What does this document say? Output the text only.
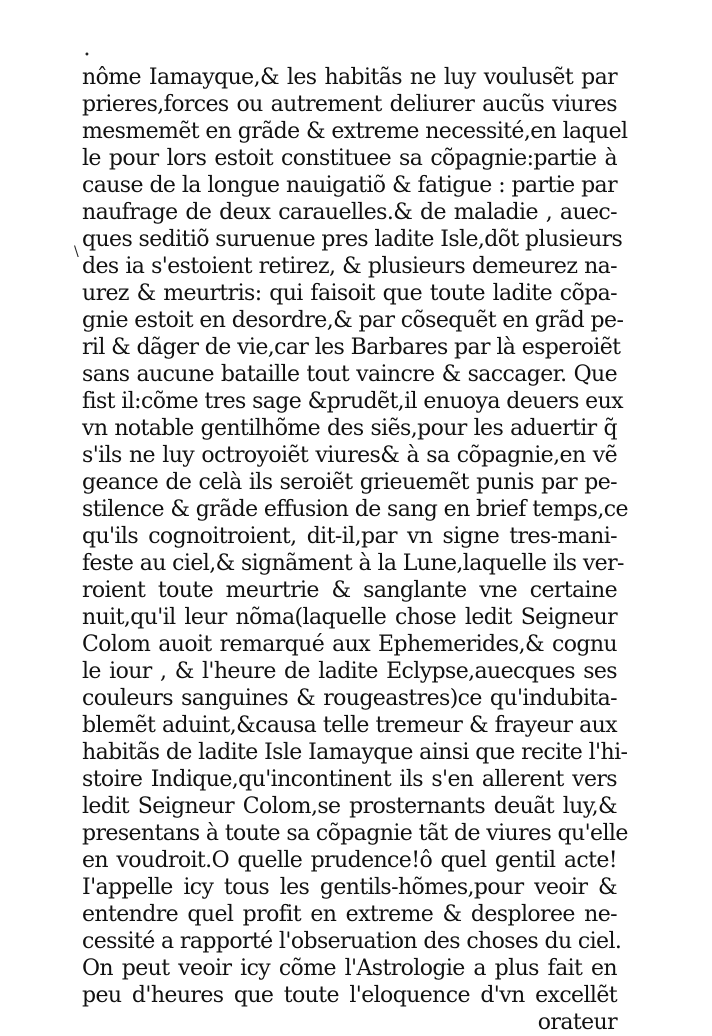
•
\
nôme Iamayque,& les habitãs ne luy voulusẽt par
prieres,forces ou autrement deliurer aucũs viures
mesmemẽt en grãde & extreme necessité,en laquel
le pour lors estoit constituee sa cõpagnie:partie à
cause de la longue nauigatiõ & fatigue : partie par
naufrage de deux carauelles.& de maladie , auec-
ques seditiõ suruenue pres ladite Isle,dõt plusieurs
des ia s'estoient retirez, & plusieurs demeurez na-
urez & meurtris: qui faisoit que toute ladite cõpa-
gnie estoit en desordre,& par cõsequẽt en grãd pe-
ril & dãger de vie,car les Barbares par là esperoiẽt
sans aucune bataille tout vaincre & saccager. Que
fist il:cõme tres sage &prudẽt,il enuoya deuers eux
vn notable gentilhõme des siẽs,pour les aduertir q̃
s'ils ne luy octroyoiẽt viures& à sa cõpagnie,en vẽ
geance de celà ils seroiẽt grieuemẽt punis par pe-
stilence & grãde effusion de sang en brief temps,ce
qu'ils cognoitroient, dit-il,par vn signe tres-mani-
feste au ciel,& signãment à la Lune,laquelle ils ver-
roient toute meurtrie & sanglante vne certaine
nuit,qu'il leur nõma(laquelle chose ledit Seigneur
Colom auoit remarqué aux Ephemerides,& cognu
le iour , & l'heure de ladite Eclypse,auecques ses
couleurs sanguines & rougeastres)ce qu'indubita-
blemẽt aduint,&causa telle tremeur & frayeur aux
habitãs de ladite Isle Iamayque ainsi que recite l'hi-
stoire Indique,qu'incontinent ils s'en allerent vers
ledit Seigneur Colom,se prosternants deuãt luy,&
presentans à toute sa cõpagnie tãt de viures qu'elle
en voudroit.O quelle prudence!ô quel gentil acte!
I'appelle icy tous les gentils-hõmes,pour veoir &
entendre quel profit en extreme & desploree ne-
cessité a rapporté l'obseruation des choses du ciel.
On peut veoir icy cõme l'Astrologie a plus fait en
peu d'heures que toute l'eloquence d'vn excellẽt
orateur
